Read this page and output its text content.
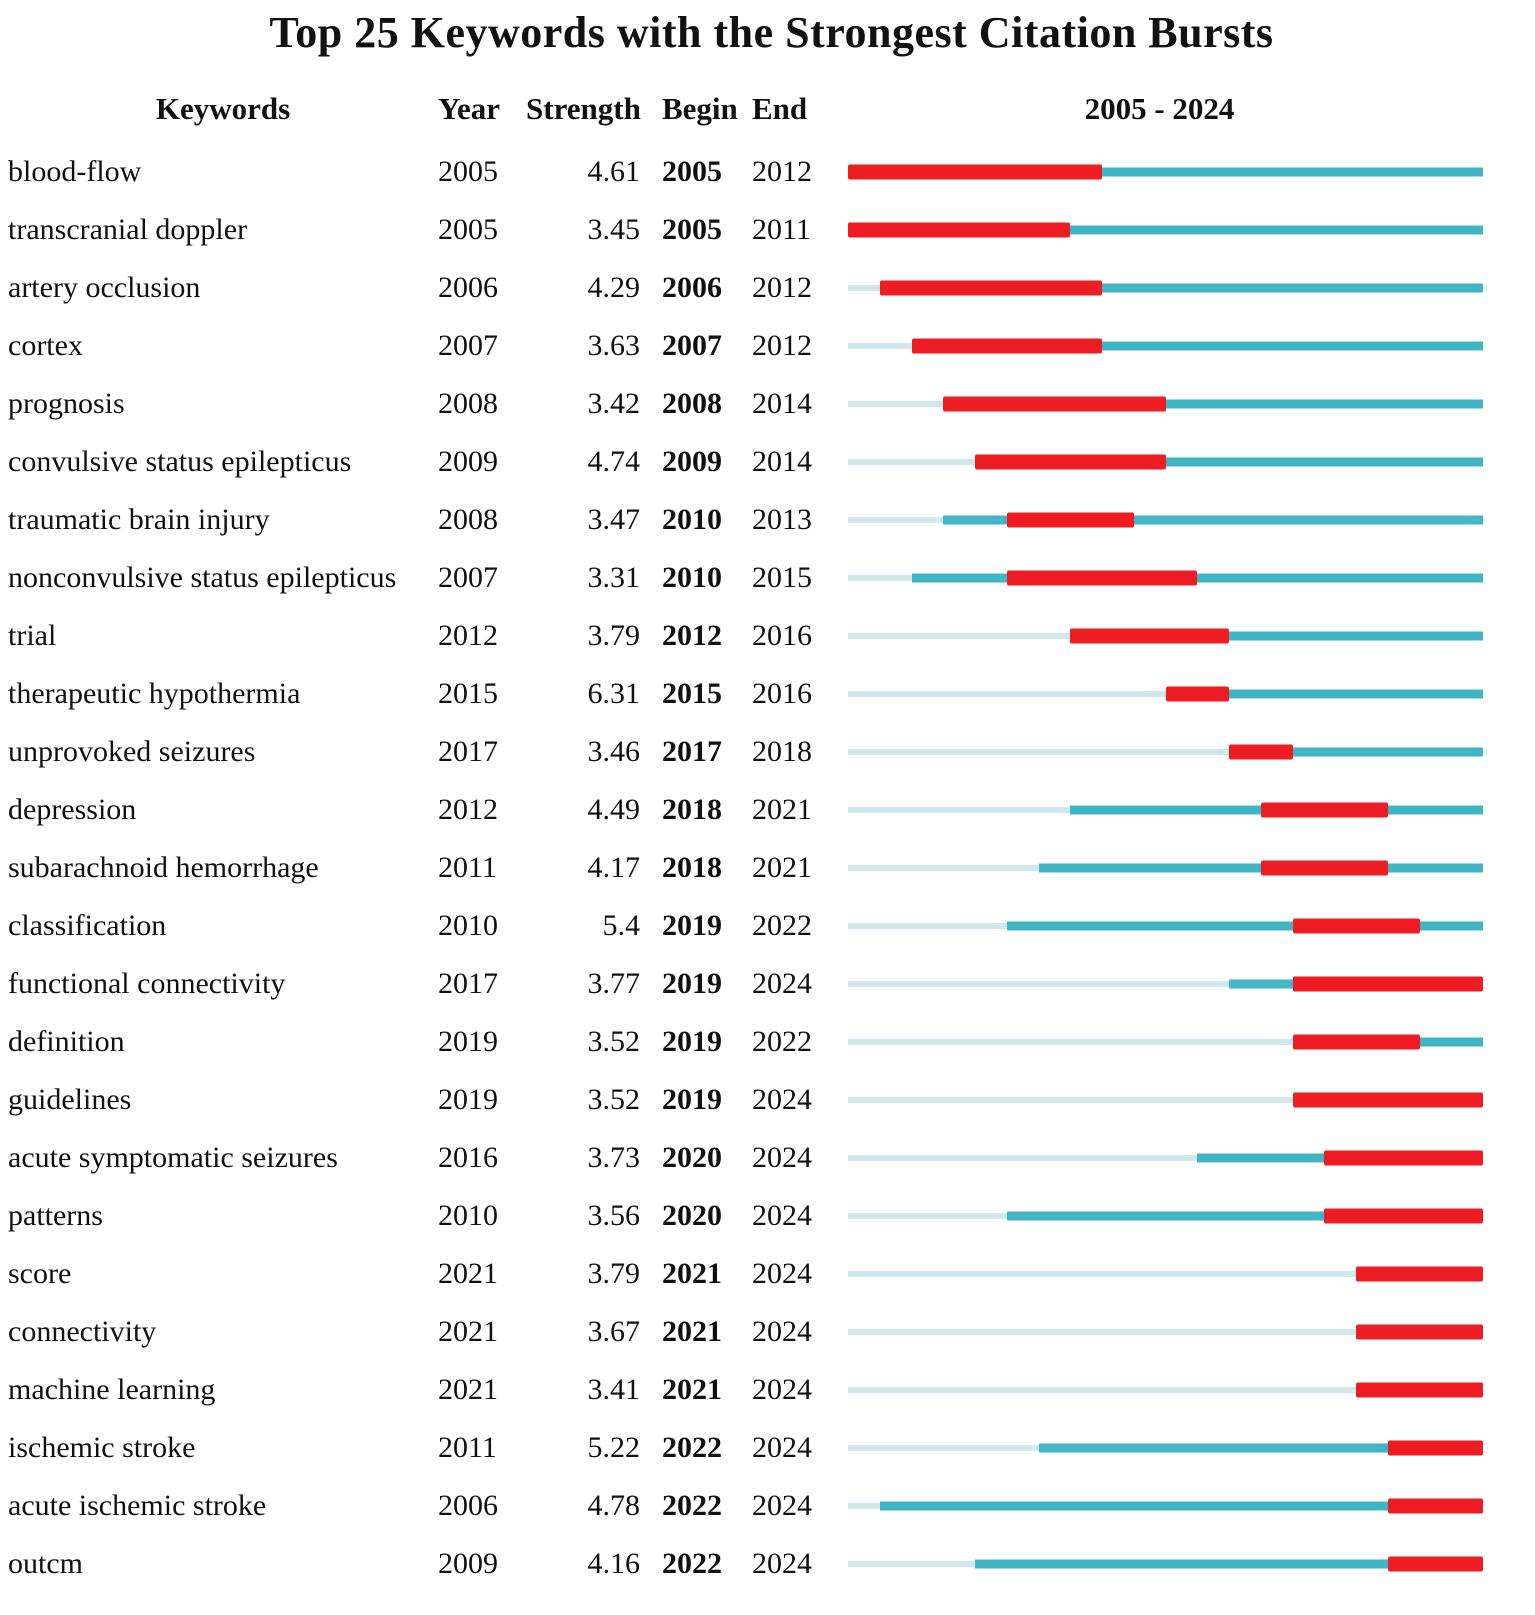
Top 25 Keywords with the Strongest Citation Bursts
Keywords	Year Strength Begin End	2005 - 2024
blood-flow	2005	4.61 2005	2012
transcranial doppler	2005	3.45 2005	2011
artery occlusion	2006	4.29 2006	2012
cortex	2007	3.63 2007	2012
prognosis	2008	3.42 2008	2014
convulsive status epilepticus	2009	4.74 2009	2014
traumatic brain injury	2008	3.47 2010	2013
nonconvulsive status epilepticus	2007	3.31 2010	2015
trial	2012	3.79 2012	2016
therapeutic hypothermia	2015	6.31 2015	2016
unprovoked seizures	2017	3.46 2017	2018
depression	2012	4.49 2018	2021
subarachnoid hemorrhage	2011	4.17 2018	2021
classification	2010	5.4 2019	2022
functional connectivity	2017	3.77 2019	2024
definition	2019	3.52 2019	2022
guidelines	2019	3.52 2019	2024
acute symptomatic seizures	2016	3.73 2020	2024
patterns	2010	3.56 2020	2024
score	2021	3.79 2021	2024
connectivity	2021	3.67 2021	2024
machine learning	2021	3.41 2021	2024
ischemic stroke	2011	5.22 2022	2024
acute ischemic stroke	2006	4.78 2022	2024
outcm	2009	4.16 2022	2024
